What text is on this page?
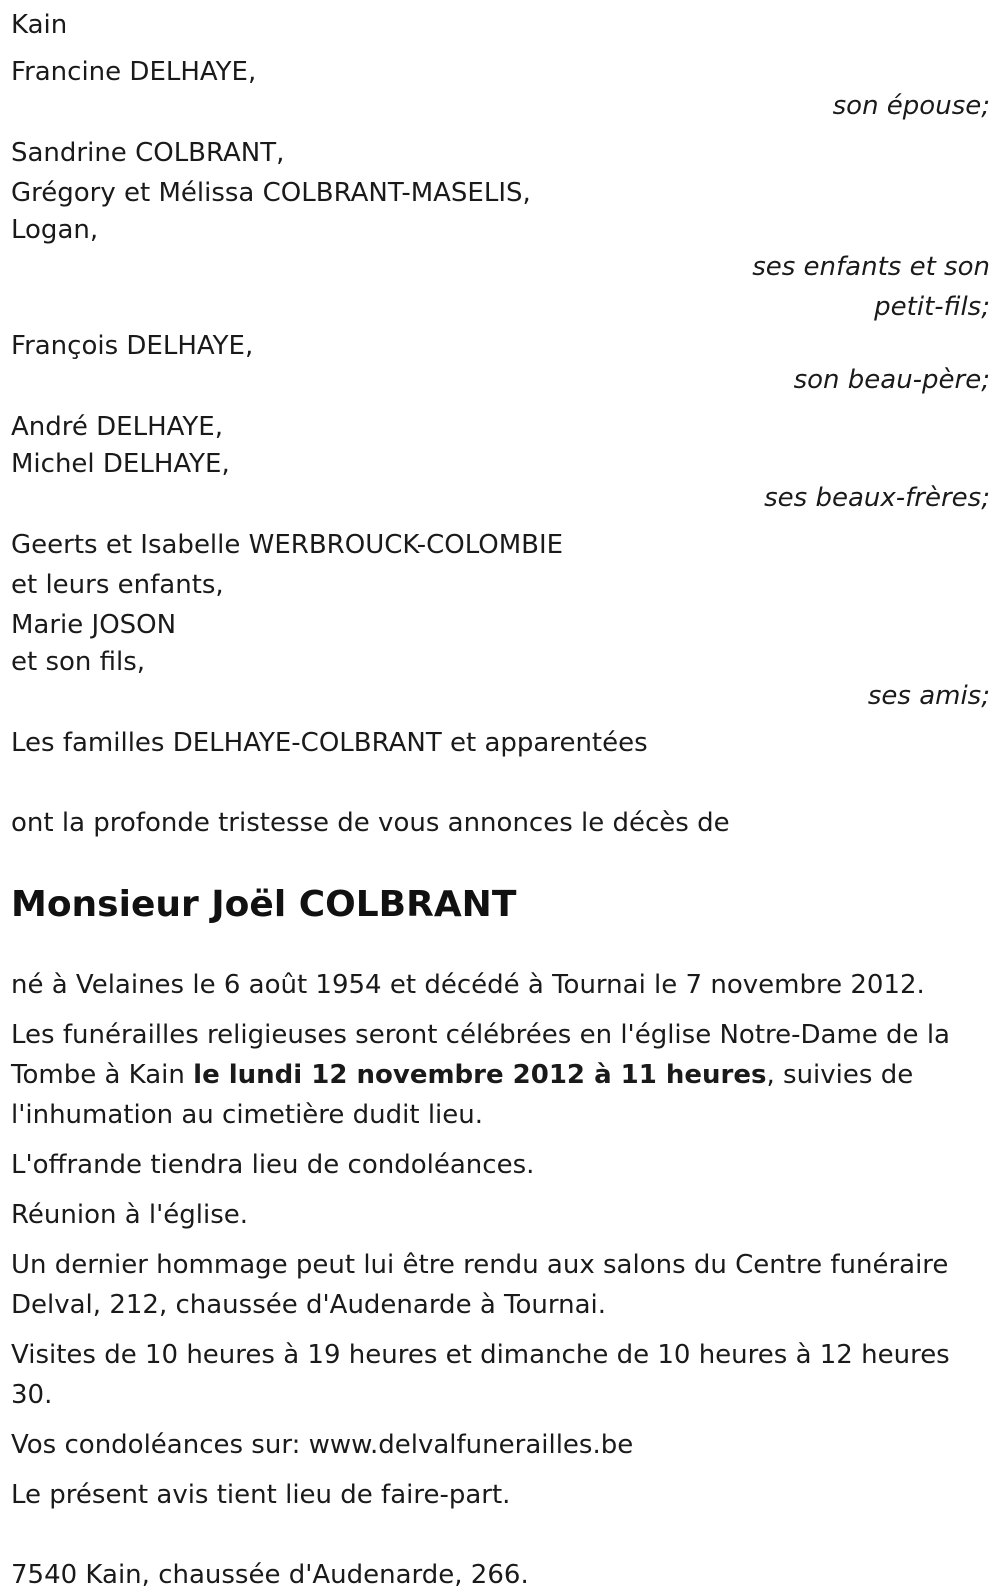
Kain

Francine DELHAYE,
son épouse;
Sandrine COLBRANT,
Grégory et Mélissa COLBRANT-MASELIS,
Logan,
ses enfants et son
petit-fils;
François DELHAYE,
son beau-père;
André DELHAYE,
Michel DELHAYE,
ses beaux-frères;
Geerts et Isabelle WERBROUCK-COLOMBIE
et leurs enfants,
Marie JOSON
et son fils,
ses amis;

Les familles DELHAYE-COLBRANT et apparentées

ont la profonde tristesse de vous annonces le décès de

Monsieur Joël COLBRANT

né à Velaines le 6 août 1954 et décédé à Tournai le 7 novembre 2012.

Les funérailles religieuses seront célébrées en l'église Notre-Dame de la Tombe à Kain le lundi 12 novembre 2012 à 11 heures, suivies de l'inhumation au cimetière dudit lieu.

L'offrande tiendra lieu de condoléances.

Réunion à l'église.

Un dernier hommage peut lui être rendu aux salons du Centre funéraire Delval, 212, chaussée d'Audenarde à Tournai.

Visites de 10 heures à 19 heures et dimanche de 10 heures à 12 heures 30.

Vos condoléances sur: www.delvalfunerailles.be

Le présent avis tient lieu de faire-part.

7540 Kain, chaussée d'Audenarde, 266.
